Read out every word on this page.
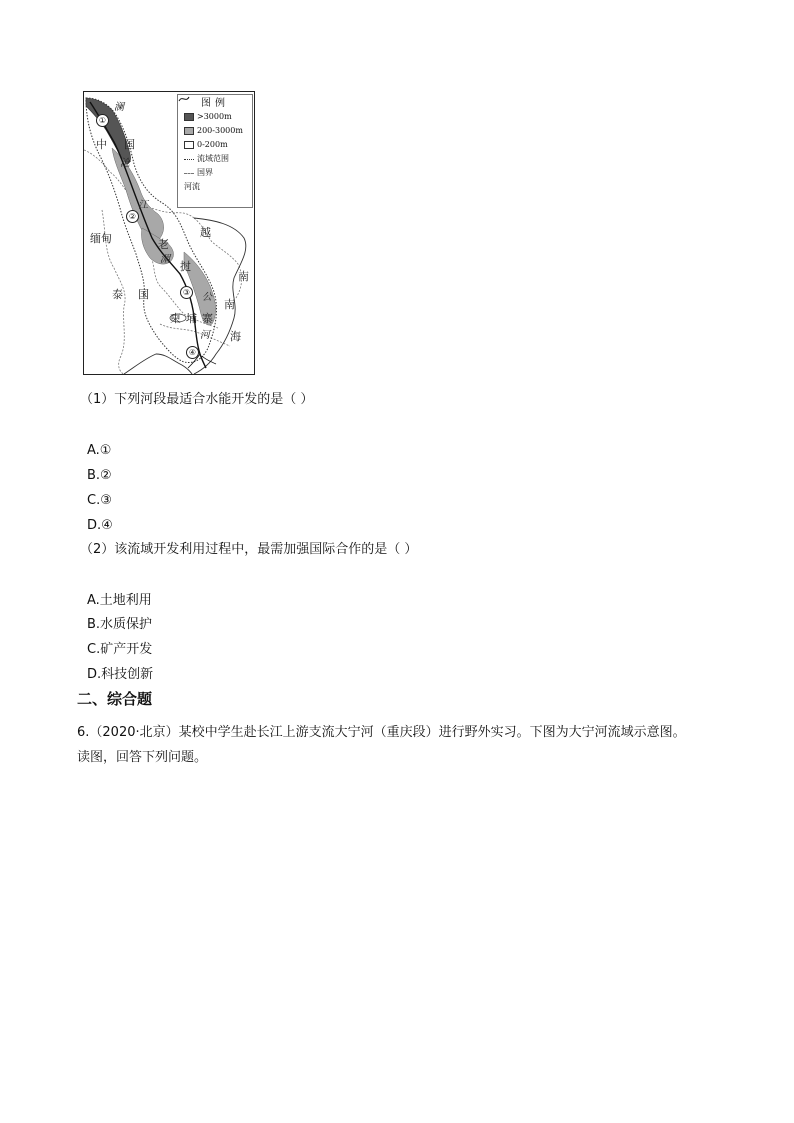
图例
>3000m
200-3000m
0-200m
流域范围
国界
河流
澜
中 国
沧
江
缅甸	越
老
南
湄
挝
泰 国	公
南
柬 埔 寨
河 海
①
②
③
④
（1）下列河段最适合水能开发的是（ ）
A.①
B.②
C.③
D.④
（2）该流域开发利用过程中，最需加强国际合作的是（ ）
A.土地利用
B.水质保护
C.矿产开发
D.科技创新
二、综合题
6.（2020·北京）某校中学生赴长江上游支流大宁河（重庆段）进行野外实习。下图为大宁河流域示意图。
读图，回答下列问题。
